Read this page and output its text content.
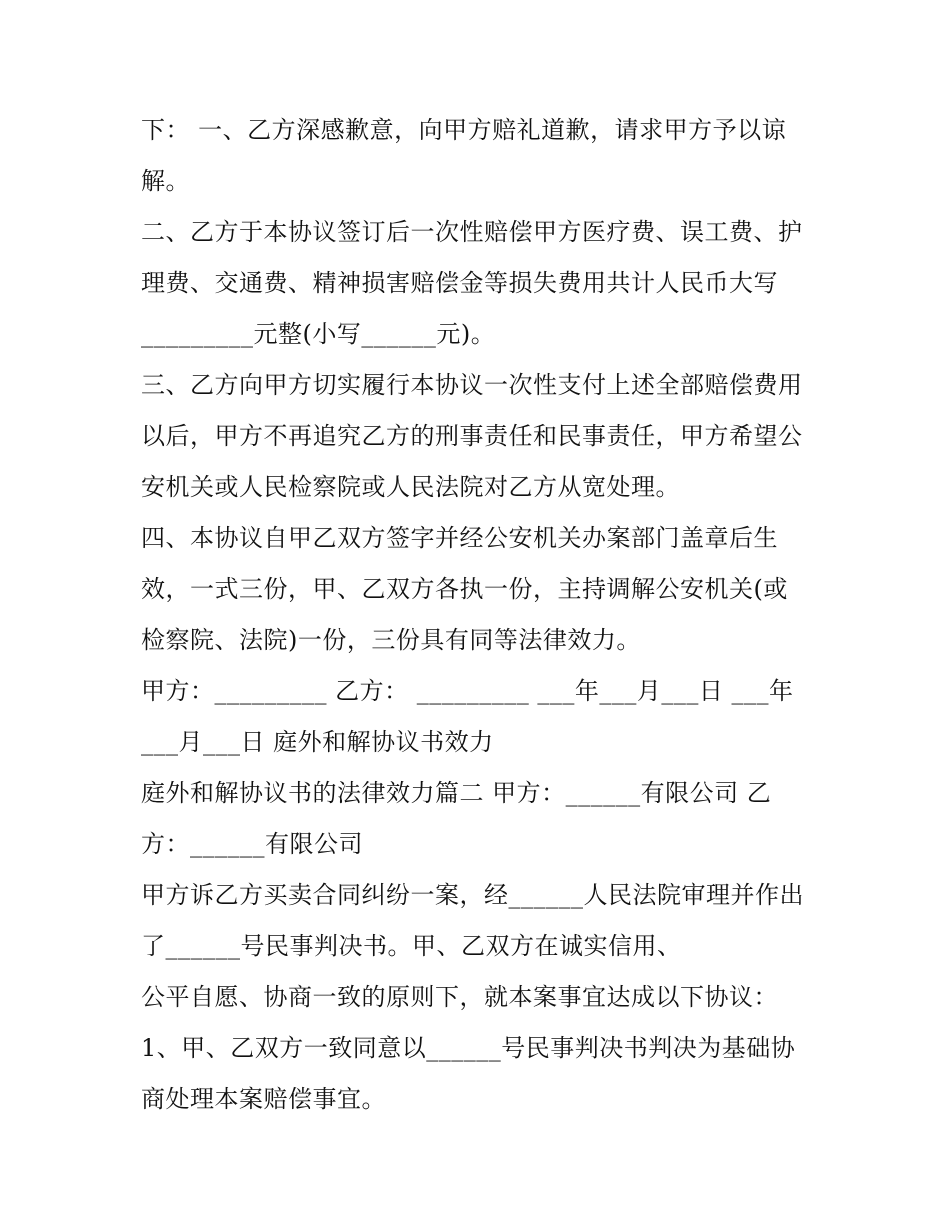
下： 一、乙方深感歉意，向甲方赔礼道歉，请求甲方予以谅
解。
二、乙方于本协议签订后一次性赔偿甲方医疗费、误工费、护
理费、交通费、精神损害赔偿金等损失费用共计人民币大写
_________元整(小写______元)。
三、乙方向甲方切实履行本协议一次性支付上述全部赔偿费用
以后，甲方不再追究乙方的刑事责任和民事责任，甲方希望公
安机关或人民检察院或人民法院对乙方从宽处理。
四、本协议自甲乙双方签字并经公安机关办案部门盖章后生
效，一式三份，甲、乙双方各执一份，主持调解公安机关(或
检察院、法院)一份，三份具有同等法律效力。
甲方：_________ 乙方： _________ ___年___月___日 ___年
___月___日 庭外和解协议书效力
庭外和解协议书的法律效力篇二 甲方：______有限公司 乙
方：______有限公司
甲方诉乙方买卖合同纠纷一案，经______人民法院审理并作出
了______号民事判决书。甲、乙双方在诚实信用、
公平自愿、协商一致的原则下，就本案事宜达成以下协议：
1、甲、乙双方一致同意以______号民事判决书判决为基础协
商处理本案赔偿事宜。
